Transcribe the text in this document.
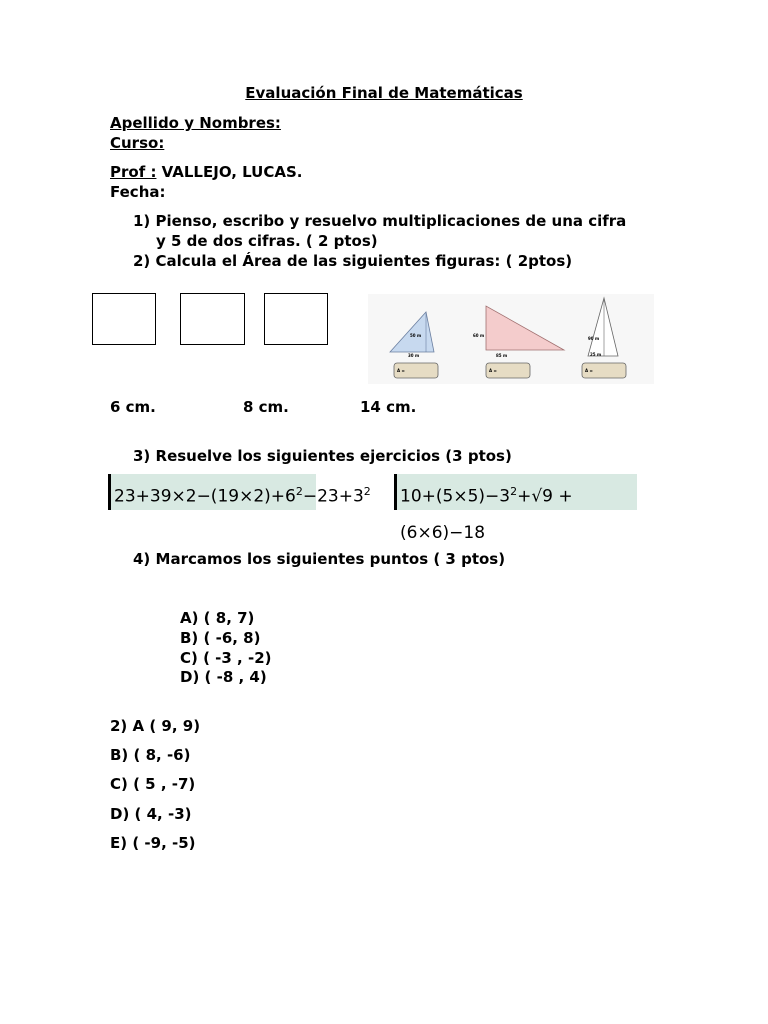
Evaluación Final de Matemáticas
Apellido y Nombres:
Curso:
Prof : VALLEJO, LUCAS.
Fecha:
1) Pienso, escribo y resuelvo multiplicaciones de una cifra
y 5 de dos cifras. ( 2 ptos)
2) Calcula el Área de las siguientes figuras: ( 2ptos)
50 m
30 m
A =
60 m
85 m
A =
90 m
25 m
A =
6 cm.	8 cm.	14 cm.
3) Resuelve los siguientes ejercicios (3 ptos)
$23+39\times 2-(19\times 2)+6^2-23+3^2$	$10+(5\times 5)-3^2+√9 +(6\times 6)-18$
4) Marcamos los siguientes puntos ( 3 ptos)
A) ( 8, 7)
B) ( -6, 8)
C) ( -3 , -2)
D) ( -8 , 4)
2) A ( 9, 9)
B) ( 8, -6)
C) ( 5 , -7)
D) ( 4, -3)
E) ( -9, -5)
